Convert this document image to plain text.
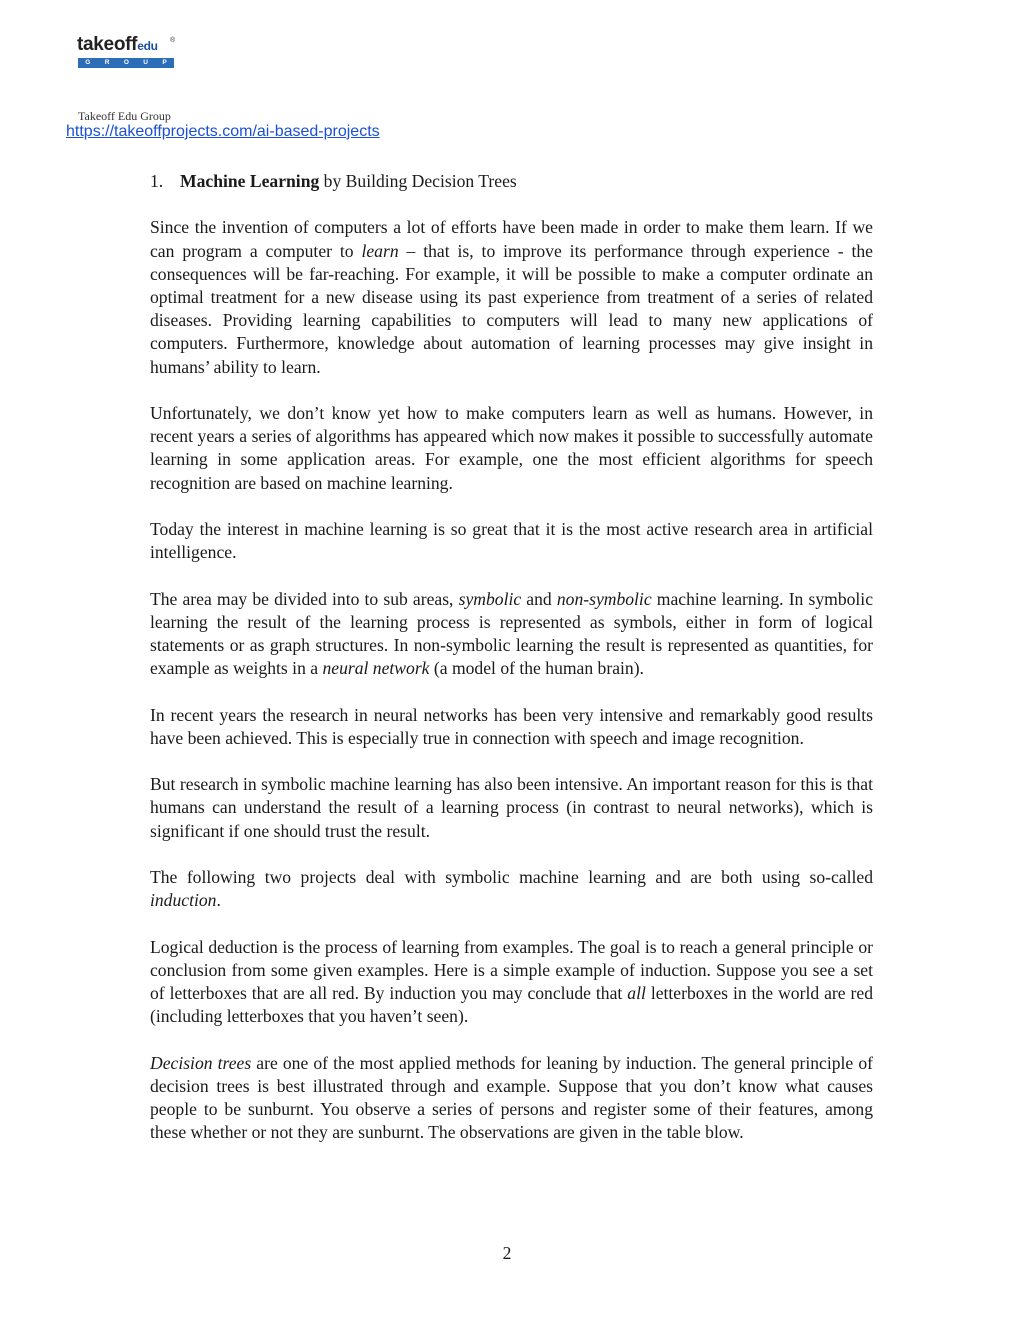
takeoffedu ®
G R O U P
Takeoff Edu Group
https://takeoffprojects.com/ai-based-projects

1. Machine Learning by Building Decision Trees

Since the invention of computers a lot of efforts have been made in order to make them learn. If we can program a computer to learn – that is, to improve its performance through experience - the consequences will be far-reaching. For example, it will be possible to make a computer ordinate an optimal treatment for a new disease using its past experience from treatment of a series of related diseases. Providing learning capabilities to computers will lead to many new applications of computers. Furthermore, knowledge about automation of learning processes may give insight in humans’ ability to learn.

Unfortunately, we don’t know yet how to make computers learn as well as humans. However, in recent years a series of algorithms has appeared which now makes it possible to successfully automate learning in some application areas. For example, one the most efficient algorithms for speech recognition are based on machine learning.

Today the interest in machine learning is so great that it is the most active research area in artificial intelligence.

The area may be divided into to sub areas, symbolic and non-symbolic machine learning. In symbolic learning the result of the learning process is represented as symbols, either in form of logical statements or as graph structures. In non-symbolic learning the result is represented as quantities, for example as weights in a neural network (a model of the human brain).

In recent years the research in neural networks has been very intensive and remarkably good results have been achieved. This is especially true in connection with speech and image recognition.

But research in symbolic machine learning has also been intensive. An important reason for this is that humans can understand the result of a learning process (in contrast to neural networks), which is significant if one should trust the result.

The following two projects deal with symbolic machine learning and are both using so-called induction.

Logical deduction is the process of learning from examples. The goal is to reach a general principle or conclusion from some given examples. Here is a simple example of induction. Suppose you see a set of letterboxes that are all red. By induction you may conclude that all letterboxes in the world are red (including letterboxes that you haven’t seen).

Decision trees are one of the most applied methods for leaning by induction. The general principle of decision trees is best illustrated through and example. Suppose that you don’t know what causes people to be sunburnt. You observe a series of persons and register some of their features, among these whether or not they are sunburnt. The observations are given in the table blow.

2
